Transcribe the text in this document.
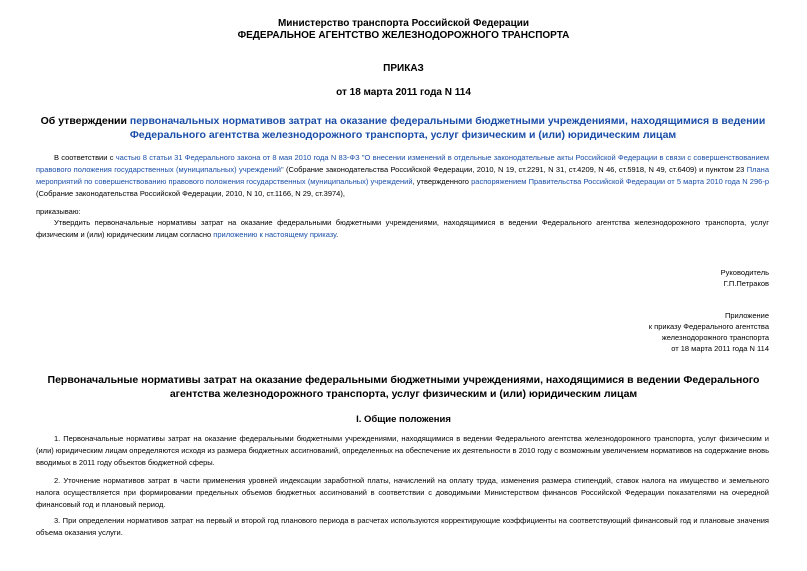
Министерство транспорта Российской Федерации
ФЕДЕРАЛЬНОЕ АГЕНТСТВО ЖЕЛЕЗНОДОРОЖНОГО ТРАНСПОРТА
ПРИКАЗ
от 18 марта 2011 года N 114
Об утверждении первоначальных нормативов затрат на оказание федеральными бюджетными учреждениями, находящимися в ведении Федерального агентства железнодорожного транспорта, услуг физическим и (или) юридическим лицам
В соответствии с частью 8 статьи 31 Федерального закона от 8 мая 2010 года N 83-ФЗ "О внесении изменений в отдельные законодательные акты Российской Федерации в связи с совершенствованием правового положения государственных (муниципальных) учреждений" (Собрание законодательства Российской Федерации, 2010, N 19, ст.2291, N 31, ст.4209, N 46, ст.5918, N 49, ст.6409) и пунктом 23 Плана мероприятий по совершенствованию правового положения государственных (муниципальных) учреждений, утвержденного распоряжением Правительства Российской Федерации от 5 марта 2010 года N 296-р (Собрание законодательства Российской Федерации, 2010, N 10, ст.1166, N 29, ст.3974),
приказываю:
Утвердить первоначальные нормативы затрат на оказание федеральными бюджетными учреждениями, находящимися в ведении Федерального агентства железнодорожного транспорта, услуг физическим и (или) юридическим лицам согласно приложению к настоящему приказу.
Руководитель
Г.П.Петраков
Приложение
к приказу Федерального агентства
железнодорожного транспорта
от 18 марта 2011 года N 114
Первоначальные нормативы затрат на оказание федеральными бюджетными учреждениями, находящимися в ведении Федерального агентства железнодорожного транспорта, услуг физическим и (или) юридическим лицам
I. Общие положения
1. Первоначальные нормативы затрат на оказание федеральными бюджетными учреждениями, находящимися в ведении Федерального агентства железнодорожного транспорта, услуг физическим и (или) юридическим лицам определяются исходя из размера бюджетных ассигнований, определенных на обеспечение их деятельности в 2010 году с возможным увеличением нормативов на содержание вновь вводимых в 2011 году объектов бюджетной сферы.
2. Уточнение нормативов затрат в части применения уровней индексации заработной платы, начислений на оплату труда, изменения размера стипендий, ставок налога на имущество и земельного налога осуществляется при формировании предельных объемов бюджетных ассигнований в соответствии с доводимыми Министерством финансов Российской Федерации показателями на очередной финансовый год и плановый период.
3. При определении нормативов затрат на первый и второй год планового периода в расчетах используются корректирующие коэффициенты на соответствующий финансовый год и плановые значения объема оказания услуги.
